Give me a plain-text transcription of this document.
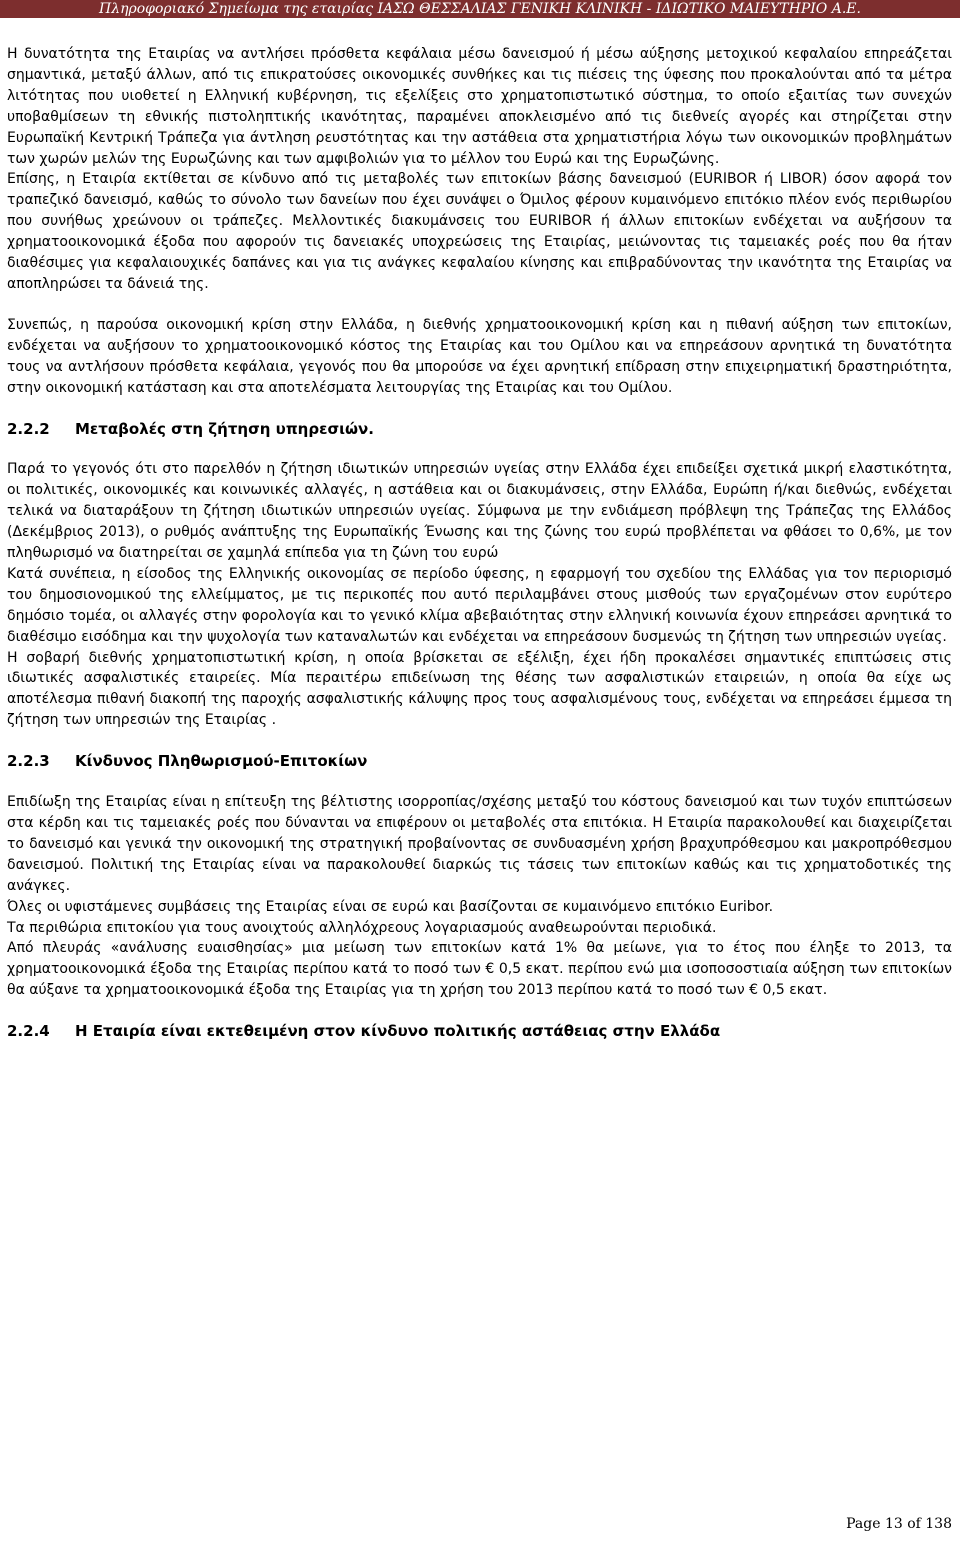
Πληροφοριακό Σημείωμα της εταιρίας ΙΑΣΩ ΘΕΣΣΑΛΙΑΣ ΓΕΝΙΚΗ ΚΛΙΝΙΚΗ - ΙΔΙΩΤΙΚΟ ΜΑΙΕΥΤΗΡΙΟ Α.Ε.

Η δυνατότητα της Εταιρίας να αντλήσει πρόσθετα κεφάλαια μέσω δανεισμού ή μέσω αύξησης μετοχικού κεφαλαίου επηρεάζεται σημαντικά, μεταξύ άλλων, από τις επικρατούσες οικονομικές συνθήκες και τις πιέσεις της ύφεσης που προκαλούνται από τα μέτρα λιτότητας που υιοθετεί η Ελληνική κυβέρνηση, τις εξελίξεις στο χρηματοπιστωτικό σύστημα, το οποίο εξαιτίας των συνεχών υποβαθμίσεων τη εθνικής πιστοληπτικής ικανότητας, παραμένει αποκλεισμένο από τις διεθνείς αγορές και στηρίζεται στην Ευρωπαϊκή Κεντρική Τράπεζα για άντληση ρευστότητας και την αστάθεια στα χρηματιστήρια λόγω των οικονομικών προβλημάτων των χωρών μελών της Ευρωζώνης και των αμφιβολιών για το μέλλον του Ευρώ και της Ευρωζώνης.

Επίσης, η Εταιρία εκτίθεται σε κίνδυνο από τις μεταβολές των επιτοκίων βάσης δανεισμού (EURIBOR ή LIBOR) όσον αφορά τον τραπεζικό δανεισμό, καθώς το σύνολο των δανείων που έχει συνάψει ο Όμιλος φέρουν κυμαινόμενο επιτόκιο πλέον ενός περιθωρίου που συνήθως χρεώνουν οι τράπεζες. Μελλοντικές διακυμάνσεις του EURIBOR ή άλλων επιτοκίων ενδέχεται να αυξήσουν τα χρηματοοικονομικά έξοδα που αφορούν τις δανειακές υποχρεώσεις της Εταιρίας, μειώνοντας τις ταμειακές ροές που θα ήταν διαθέσιμες για κεφαλαιουχικές δαπάνες και για τις ανάγκες κεφαλαίου κίνησης και επιβραδύνοντας την ικανότητα της Εταιρίας να αποπληρώσει τα δάνειά της.

Συνεπώς, η παρούσα οικονομική κρίση στην Ελλάδα, η διεθνής χρηματοοικονομική κρίση και η πιθανή αύξηση των επιτοκίων, ενδέχεται να αυξήσουν το χρηματοοικονομικό κόστος της Εταιρίας και του Ομίλου και να επηρεάσουν αρνητικά τη δυνατότητα τους να αντλήσουν πρόσθετα κεφάλαια, γεγονός που θα μπορούσε να έχει αρνητική επίδραση στην επιχειρηματική δραστηριότητα, στην οικονομική κατάσταση και στα αποτελέσματα λειτουργίας της Εταιρίας και του Ομίλου.

2.2.2	Μεταβολές στη ζήτηση υπηρεσιών.

Παρά το γεγονός ότι στο παρελθόν η ζήτηση ιδιωτικών υπηρεσιών υγείας στην Ελλάδα έχει επιδείξει σχετικά μικρή ελαστικότητα, οι πολιτικές, οικονομικές και κοινωνικές αλλαγές, η αστάθεια και οι διακυμάνσεις, στην Ελλάδα, Ευρώπη ή/και διεθνώς, ενδέχεται τελικά να διαταράξουν τη ζήτηση ιδιωτικών υπηρεσιών υγείας. Σύμφωνα με την ενδιάμεση πρόβλεψη της Τράπεζας της Ελλάδος (Δεκέμβριος 2013), ο ρυθμός ανάπτυξης της Ευρωπαϊκής Ένωσης και της ζώνης του ευρώ προβλέπεται να φθάσει το 0,6%, με τον πληθωρισμό να διατηρείται σε χαμηλά επίπεδα για τη ζώνη του ευρώ

Κατά συνέπεια, η είσοδος της Ελληνικής οικονομίας σε περίοδο ύφεσης, η εφαρμογή του σχεδίου της Ελλάδας για τον περιορισμό του δημοσιονομικού της ελλείμματος, με τις περικοπές που αυτό περιλαμβάνει στους μισθούς των εργαζομένων στον ευρύτερο δημόσιο τομέα, οι αλλαγές στην φορολογία και το γενικό κλίμα αβεβαιότητας στην ελληνική κοινωνία έχουν επηρεάσει αρνητικά το διαθέσιμο εισόδημα και την ψυχολογία των καταναλωτών και ενδέχεται να επηρεάσουν δυσμενώς τη ζήτηση των υπηρεσιών υγείας.

Η σοβαρή διεθνής χρηματοπιστωτική κρίση, η οποία βρίσκεται σε εξέλιξη, έχει ήδη προκαλέσει σημαντικές επιπτώσεις στις ιδιωτικές ασφαλιστικές εταιρείες. Μία περαιτέρω επιδείνωση της θέσης των ασφαλιστικών εταιρειών, η οποία θα είχε ως αποτέλεσμα πιθανή διακοπή της παροχής ασφαλιστικής κάλυψης προς τους ασφαλισμένους τους, ενδέχεται να επηρεάσει έμμεσα τη ζήτηση των υπηρεσιών της Εταιρίας .

2.2.3	Κίνδυνος Πληθωρισμού-Επιτοκίων

Επιδίωξη της Εταιρίας είναι η επίτευξη της βέλτιστης ισορροπίας/σχέσης μεταξύ του κόστους δανεισμού και των τυχόν επιπτώσεων στα κέρδη και τις ταμειακές ροές που δύνανται να επιφέρουν οι μεταβολές στα επιτόκια. Η Εταιρία παρακολουθεί και διαχειρίζεται το δανεισμό και γενικά την οικονομική της στρατηγική προβαίνοντας σε συνδυασμένη χρήση βραχυπρόθεσμου και μακροπρόθεσμου δανεισμού. Πολιτική της Εταιρίας είναι να παρακολουθεί διαρκώς τις τάσεις των επιτοκίων καθώς και τις χρηματοδοτικές της ανάγκες.

Όλες οι υφιστάμενες συμβάσεις της Εταιρίας είναι σε ευρώ και βασίζονται σε κυμαινόμενο επιτόκιο Euribor.

Τα περιθώρια επιτοκίου για τους ανοιχτούς αλληλόχρεους λογαριασμούς αναθεωρούνται περιοδικά.

Από πλευράς «ανάλυσης ευαισθησίας» μια μείωση των επιτοκίων κατά 1% θα μείωνε, για το έτος που έληξε το 2013, τα χρηματοοικονομικά έξοδα της Εταιρίας περίπου κατά το ποσό των € 0,5 εκατ. περίπου ενώ μια ισοποσοστιαία αύξηση των επιτοκίων θα αύξανε τα χρηματοοικονομικά έξοδα της Εταιρίας για τη χρήση του 2013 περίπου κατά το ποσό των € 0,5 εκατ.

2.2.4	Η Εταιρία είναι εκτεθειμένη στον κίνδυνο πολιτικής αστάθειας στην Ελλάδα
Page 13 of 138
